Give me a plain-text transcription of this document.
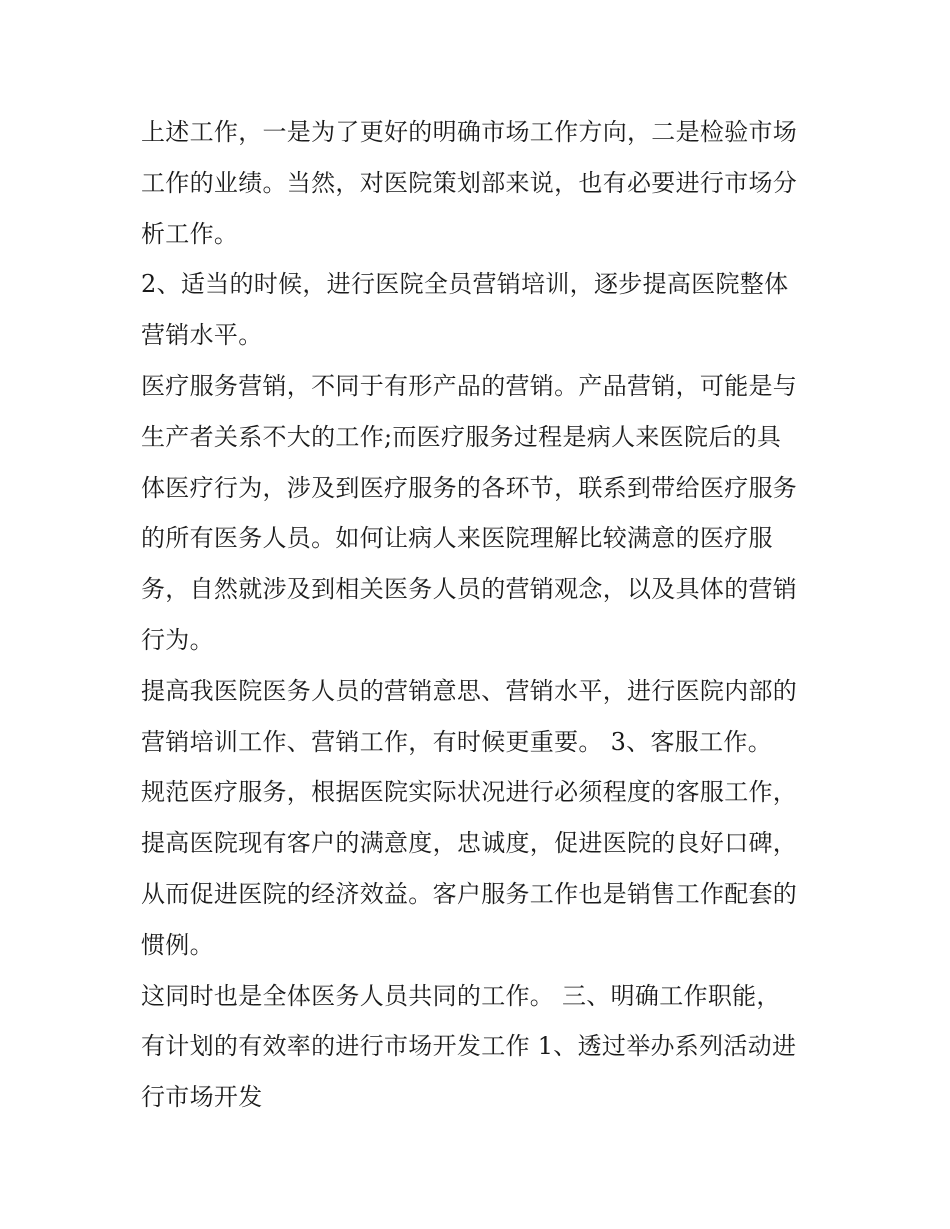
上述工作，一是为了更好的明确市场工作方向，二是检验市场
工作的业绩。当然，对医院策划部来说，也有必要进行市场分
析工作。
2、适当的时候，进行医院全员营销培训，逐步提高医院整体
营销水平。
医疗服务营销，不同于有形产品的营销。产品营销，可能是与
生产者关系不大的工作;而医疗服务过程是病人来医院后的具
体医疗行为，涉及到医疗服务的各环节，联系到带给医疗服务
的所有医务人员。如何让病人来医院理解比较满意的医疗服
务，自然就涉及到相关医务人员的营销观念，以及具体的营销
行为。
提高我医院医务人员的营销意思、营销水平，进行医院内部的
营销培训工作、营销工作，有时候更重要。 3、客服工作。
规范医疗服务，根据医院实际状况进行必须程度的客服工作，
提高医院现有客户的满意度，忠诚度，促进医院的良好口碑，
从而促进医院的经济效益。客户服务工作也是销售工作配套的
惯例。
这同时也是全体医务人员共同的工作。 三、明确工作职能，
有计划的有效率的进行市场开发工作 1、透过举办系列活动进
行市场开发
